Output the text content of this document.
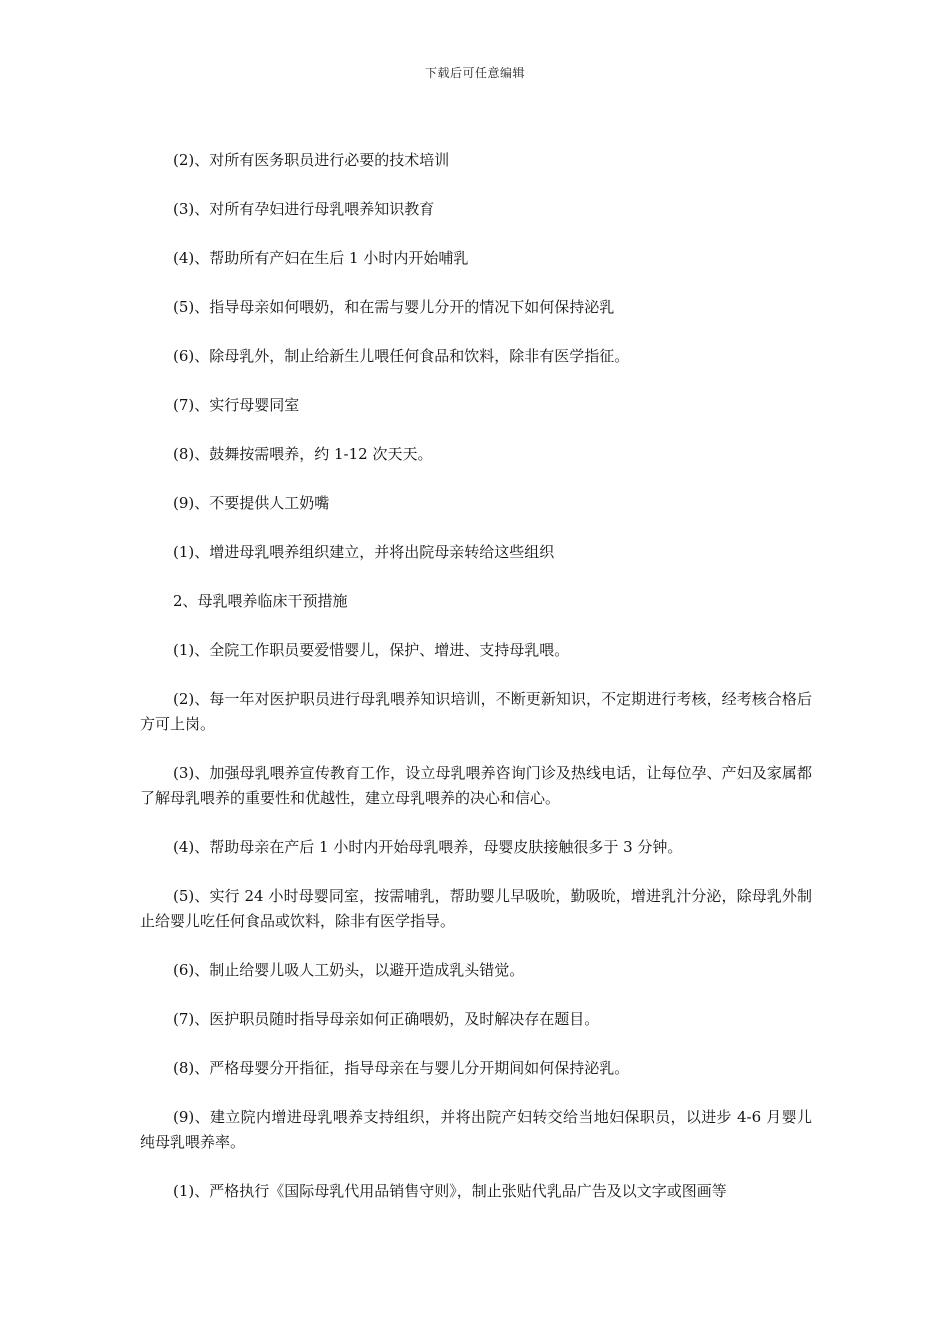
下载后可任意编辑

(2)、对所有医务职员进行必要的技术培训

(3)、对所有孕妇进行母乳喂养知识教育

(4)、帮助所有产妇在生后 1 小时内开始哺乳

(5)、指导母亲如何喂奶，和在需与婴儿分开的情况下如何保持泌乳

(6)、除母乳外，制止给新生儿喂任何食品和饮料，除非有医学指征。

(7)、实行母婴同室

(8)、鼓舞按需喂养，约 1-12 次天天。

(9)、不要提供人工奶嘴

(1)、增进母乳喂养组织建立，并将出院母亲转给这些组织

2、母乳喂养临床干预措施

(1)、全院工作职员要爱惜婴儿，保护、增进、支持母乳喂。

(2)、每一年对医护职员进行母乳喂养知识培训，不断更新知识，不定期进行考核，经考核合格后方可上岗。

(3)、加强母乳喂养宣传教育工作，设立母乳喂养咨询门诊及热线电话，让每位孕、产妇及家属都了解母乳喂养的重要性和优越性，建立母乳喂养的决心和信心。

(4)、帮助母亲在产后 1 小时内开始母乳喂养，母婴皮肤接触很多于 3 分钟。

(5)、实行 24 小时母婴同室，按需哺乳，帮助婴儿早吸吮，勤吸吮，增进乳汁分泌，除母乳外制止给婴儿吃任何食品或饮料，除非有医学指导。

(6)、制止给婴儿吸人工奶头，以避开造成乳头错觉。

(7)、医护职员随时指导母亲如何正确喂奶，及时解决存在题目。

(8)、严格母婴分开指征，指导母亲在与婴儿分开期间如何保持泌乳。

(9)、建立院内增进母乳喂养支持组织，并将出院产妇转交给当地妇保职员，以进步 4-6 月婴儿纯母乳喂养率。

(1)、严格执行《国际母乳代用品销售守则》，制止张贴代乳品广告及以文字或图画等
